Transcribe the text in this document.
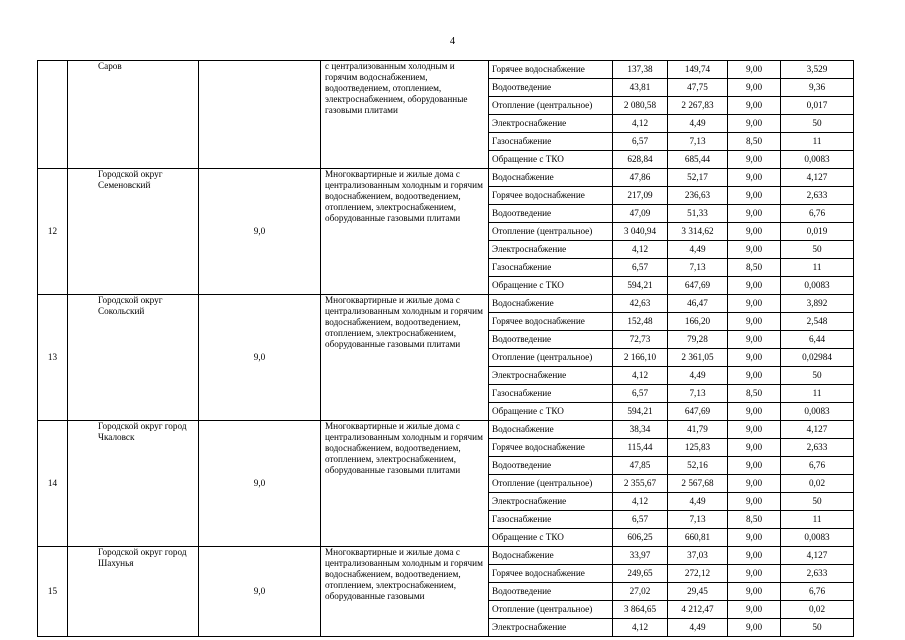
4
	Саров		с централизованным холодным и горячим водоснабжением, водоотведением, отоплением, электроснабжением, оборудованные газовыми плитами	Горячее водоснабжение	137,38	149,74	9,00	3,529
				Водоотведение	43,81	47,75	9,00	9,36
				Отопление (центральное)	2 080,58	2 267,83	9,00	0,017
				Электроснабжение	4,12	4,49	9,00	50
				Газоснабжение	6,57	7,13	8,50	11
				Обращение с ТКО	628,84	685,44	9,00	0,0083
12	Городской округ Семеновский	9,0	Многоквартирные и жилые дома с централизованным холодным и горячим водоснабжением, водоотведением, отоплением, электроснабжением, оборудованные газовыми плитами	Водоснабжение	47,86	52,17	9,00	4,127
				Горячее водоснабжение	217,09	236,63	9,00	2,633
				Водоотведение	47,09	51,33	9,00	6,76
				Отопление (центральное)	3 040,94	3 314,62	9,00	0,019
				Электроснабжение	4,12	4,49	9,00	50
				Газоснабжение	6,57	7,13	8,50	11
				Обращение с ТКО	594,21	647,69	9,00	0,0083
13	Городской округ Сокольский	9,0	Многоквартирные и жилые дома с централизованным холодным и горячим водоснабжением, водоотведением, отоплением, электроснабжением, оборудованные газовыми плитами	Водоснабжение	42,63	46,47	9,00	3,892
				Горячее водоснабжение	152,48	166,20	9,00	2,548
				Водоотведение	72,73	79,28	9,00	6,44
				Отопление (центральное)	2 166,10	2 361,05	9,00	0,02984
				Электроснабжение	4,12	4,49	9,00	50
				Газоснабжение	6,57	7,13	8,50	11
				Обращение с ТКО	594,21	647,69	9,00	0,0083
14	Городской округ город Чкаловск	9,0	Многоквартирные и жилые дома с централизованным холодным и горячим водоснабжением, водоотведением, отоплением, электроснабжением, оборудованные газовыми плитами	Водоснабжение	38,34	41,79	9,00	4,127
				Горячее водоснабжение	115,44	125,83	9,00	2,633
				Водоотведение	47,85	52,16	9,00	6,76
				Отопление (центральное)	2 355,67	2 567,68	9,00	0,02
				Электроснабжение	4,12	4,49	9,00	50
				Газоснабжение	6,57	7,13	8,50	11
				Обращение с ТКО	606,25	660,81	9,00	0,0083
15	Городской округ город Шахунья	9,0	Многоквартирные и жилые дома с централизованным холодным и горячим водоснабжением, водоотведением, отоплением, электроснабжением, оборудованные газовыми	Водоснабжение	33,97	37,03	9,00	4,127
				Горячее водоснабжение	249,65	272,12	9,00	2,633
				Водоотведение	27,02	29,45	9,00	6,76
				Отопление (центральное)	3 864,65	4 212,47	9,00	0,02
				Электроснабжение	4,12	4,49	9,00	50
